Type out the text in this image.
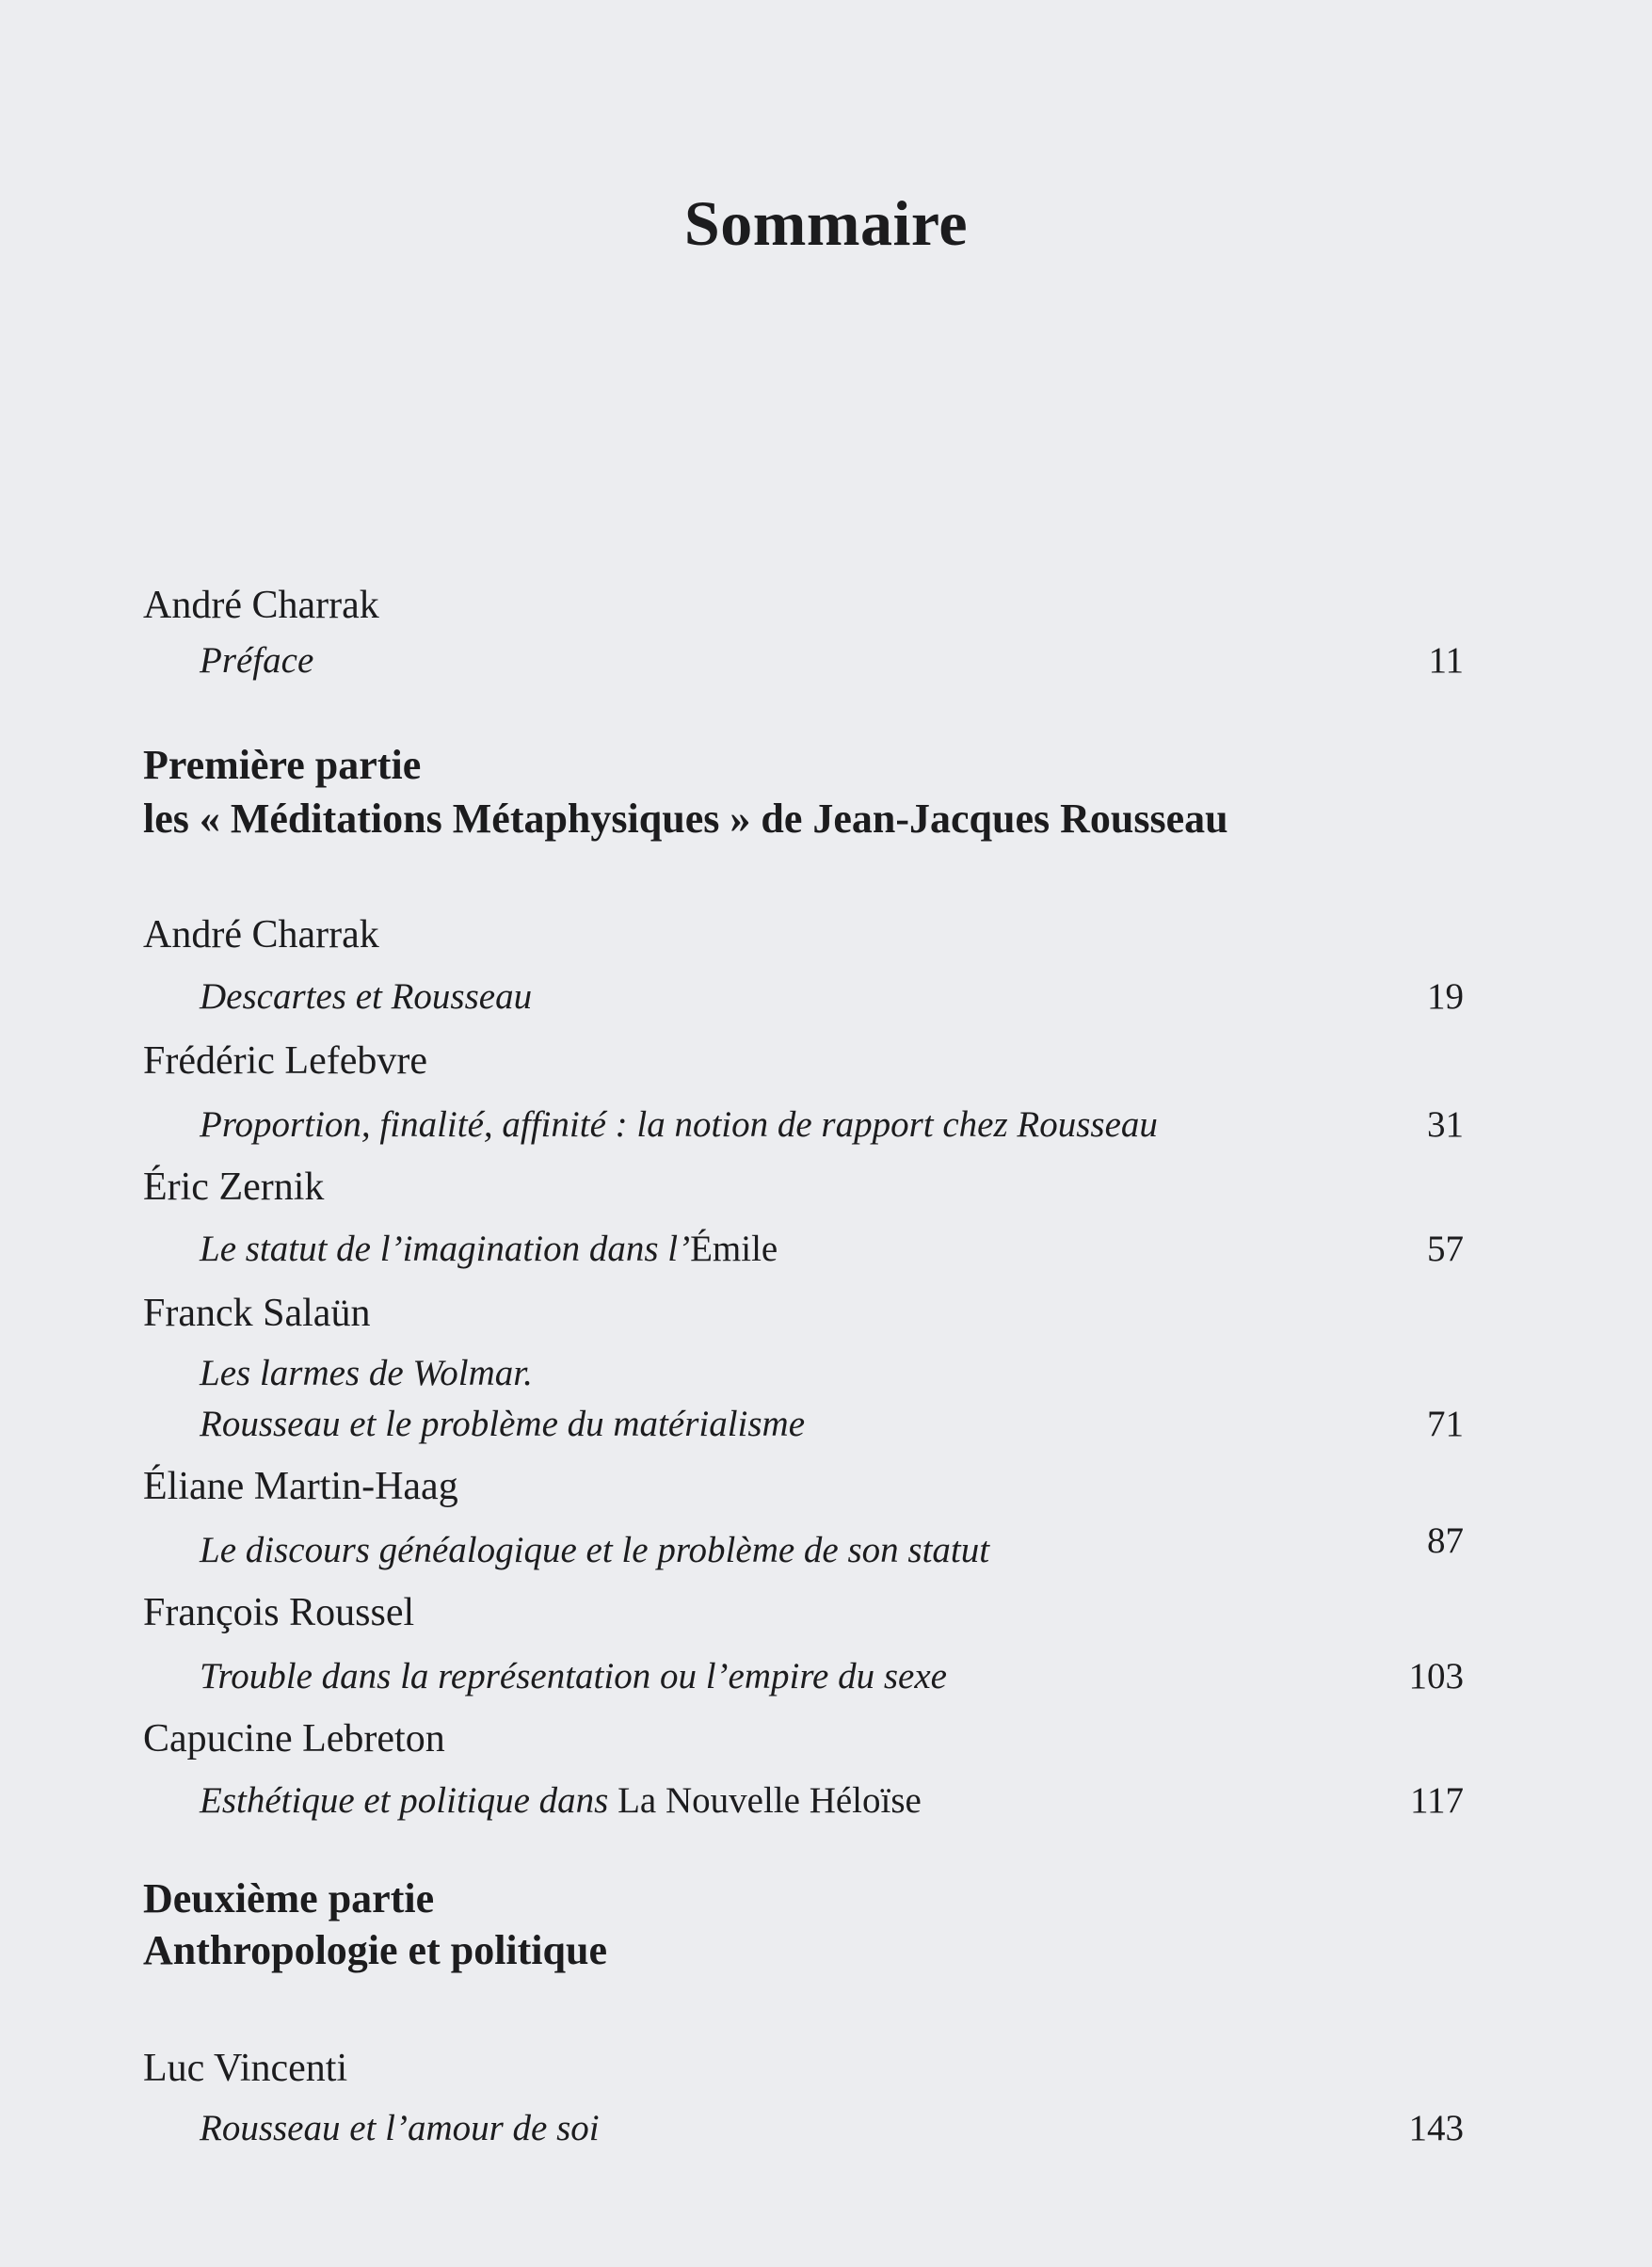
Sommaire
André Charrak
Préface	11
Première partie
les « Méditations Métaphysiques » de Jean-Jacques Rousseau
André Charrak
Descartes et Rousseau	19
Frédéric Lefebvre
Proportion, finalité, affinité : la notion de rapport chez Rousseau	31
Éric Zernik
Le statut de l’imagination dans l’Émile	57
Franck Salaün
Les larmes de Wolmar.
Rousseau et le problème du matérialisme	71
Éliane Martin-Haag
Le discours généalogique et le problème de son statut	87
François Roussel
Trouble dans la représentation ou l’empire du sexe	103
Capucine Lebreton
Esthétique et politique dans La Nouvelle Héloïse	117
Deuxième partie
Anthropologie et politique
Luc Vincenti
Rousseau et l’amour de soi	143
